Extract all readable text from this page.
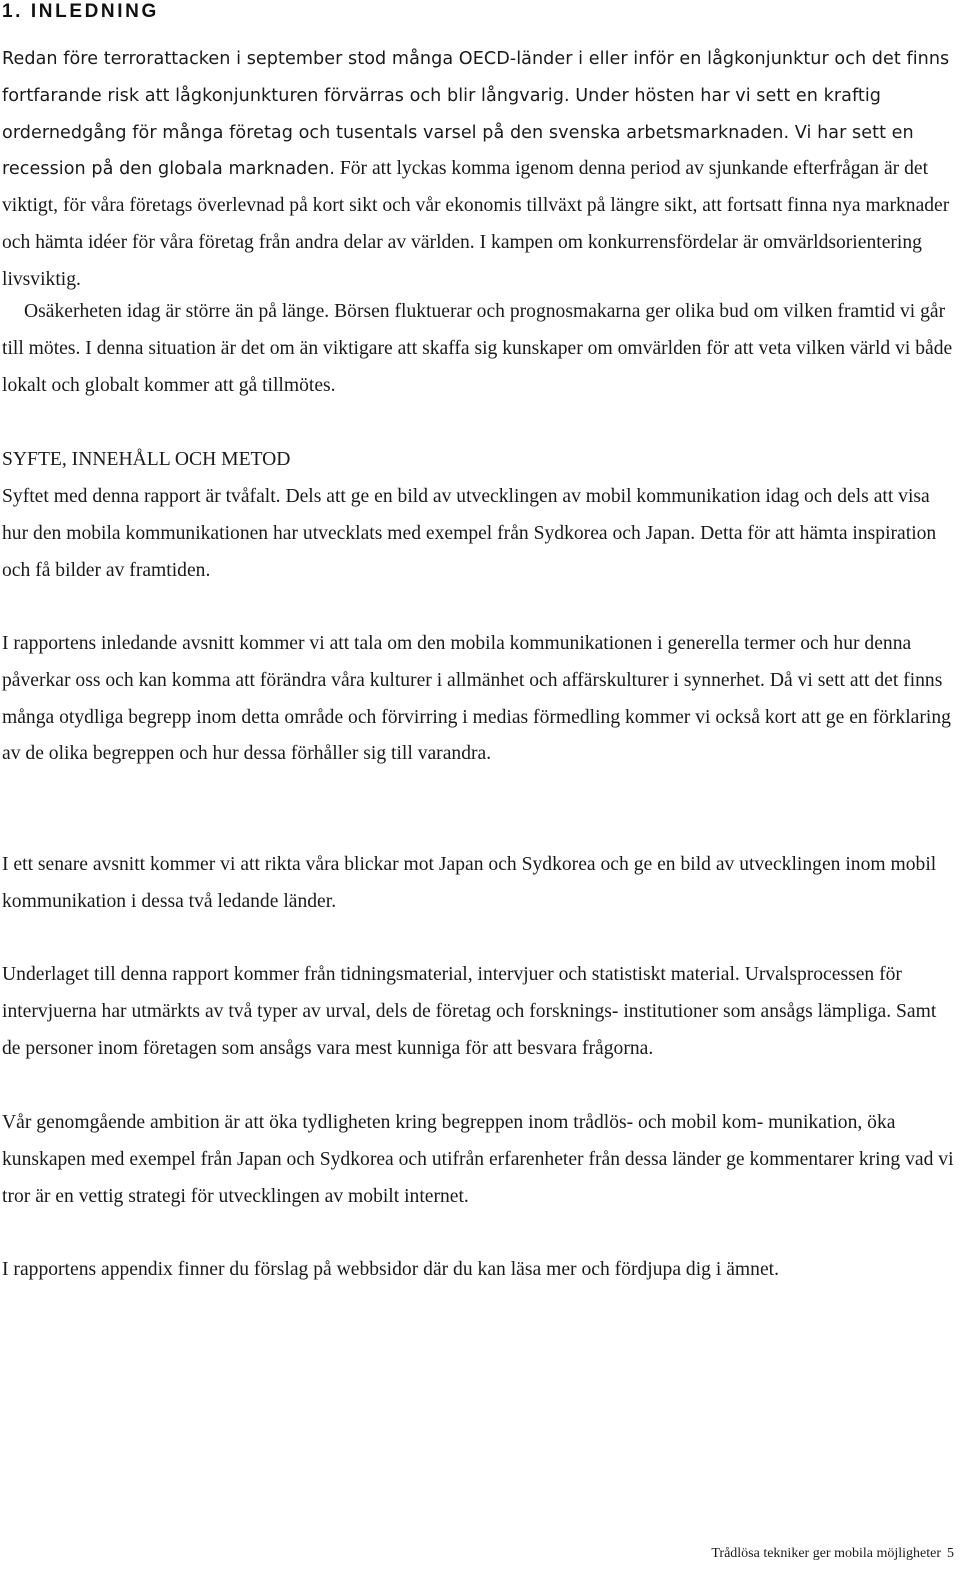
1. INLEDNING

Redan före terrorattacken i september stod många OECD-länder i eller inför en lågkonjunktur och det finns fortfarande risk att lågkonjunkturen förvärras och blir långvarig. Under hösten har vi sett en kraftig ordernedgång för många företag och tusentals varsel på den svenska arbetsmarknaden. Vi har sett en recession på den globala marknaden. För att lyckas komma igenom denna period av sjunkande efterfrågan är det viktigt, för våra företags överlevnad på kort sikt och vår ekonomis tillväxt på längre sikt, att fortsatt finna nya marknader och hämta idéer för våra företag från andra delar av världen. I kampen om konkurrensfördelar är omvärldsorientering livsviktig.

Osäkerheten idag är större än på länge. Börsen fluktuerar och prognosmakarna ger olika bud om vilken framtid vi går till mötes. I denna situation är det om än viktigare att skaffa sig kunskaper om omvärlden för att veta vilken värld vi både lokalt och globalt kommer att gå tillmötes.

SYFTE, INNEHÅLL OCH METOD

Syftet med denna rapport är tvåfalt. Dels att ge en bild av utvecklingen av mobil kommunikation idag och dels att visa hur den mobila kommunikationen har utvecklats med exempel från Sydkorea och Japan. Detta för att hämta inspiration och få bilder av framtiden.

I rapportens inledande avsnitt kommer vi att tala om den mobila kommunikationen i generella termer och hur denna påverkar oss och kan komma att förändra våra kulturer i allmänhet och affärskulturer i synnerhet. Då vi sett att det finns många otydliga begrepp inom detta område och förvirring i medias förmedling kommer vi också kort att ge en förklaring av de olika begreppen och hur dessa förhåller sig till varandra.

I ett senare avsnitt kommer vi att rikta våra blickar mot Japan och Sydkorea och ge en bild av utvecklingen inom mobil kommunikation i dessa två ledande länder.

Underlaget till denna rapport kommer från tidningsmaterial, intervjuer och statistiskt material. Urvalsprocessen för intervjuerna har utmärkts av två typer av urval, dels de företag och forsknings- institutioner som ansågs lämpliga. Samt de personer inom företagen som ansågs vara mest kunniga för att besvara frågorna.

Vår genomgående ambition är att öka tydligheten kring begreppen inom trådlös- och mobil kom- munikation, öka kunskapen med exempel från Japan och Sydkorea och utifrån erfarenheter från dessa länder ge kommentarer kring vad vi tror är en vettig strategi för utvecklingen av mobilt internet.

I rapportens appendix finner du förslag på webbsidor där du kan läsa mer och fördjupa dig i ämnet.

Trådlösa tekniker ger mobila möjligheter 5
